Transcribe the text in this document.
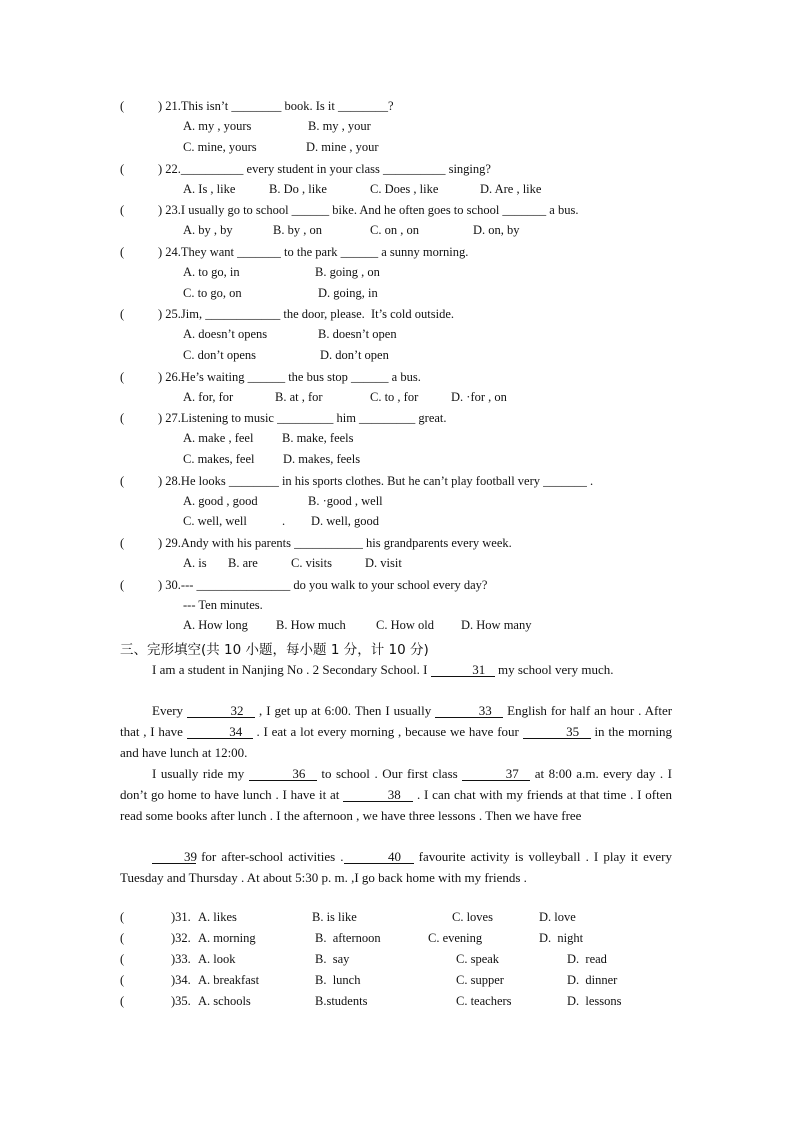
(	) 21.This isn’t ________ book. Is it ________?
A. my , yours	B. my , your
C. mine, yours	D. mine , your
(	) 22.__________ every student in your class __________ singing?
A. Is , like	B. Do , like	C. Does , like	D. Are , like
(	) 23.I usually go to school ______ bike. And he often goes to school _______ a bus.
A. by , by	B. by , on	C. on , on	D. on, by
(	) 24.They want _______ to the park ______ a sunny morning.
A. to go, in	B. going , on
C. to go, on	D. going, in
(	) 25.Jim, ____________ the door, please.  It’s cold outside.
A. doesn’t opens	B. doesn’t open
C. don’t opens	D. don’t open
(	) 26.He’s waiting ______ the bus stop ______ a bus.
A. for, for	B. at , for	C. to , for	D. ·for , on
(	) 27.Listening to music _________ him _________ great.
A. make , feel B. make, feels
C. makes, feel D. makes, feels
(	) 28.He looks ________ in his sports clothes. But he can’t play football very _______ .
A. good , good	B. ·good , well
C. well, well	. D. well, good
(	) 29.Andy with his parents ___________ his grandparents every week.
A. is B. are	C. visits	D. visit
(	) 30.--- _______________ do you walk to your school every day?
--- Ten minutes.
A. How long B. How much C. How old D. How many
三、完形填空(共 10 小题，每小题 1 分，计 10 分)
I am a student in Nanjing No . 2 Secondary School. I	31 my school very much.
Every	32 , I get up at 6:00. Then I usually	33 English for half an hour . After that , I have	34 . I eat a lot every morning , because we have four	35 in the morning and have lunch at 12:00.
I usually ride my	36 to school . Our first class	37 at 8:00 a.m. every day . I don’t go home to have lunch . I have it at	38 . I can chat with my friends at that time . I often read some books after lunch . I the afternoon , we have three lessons . Then we have free
39 for after-school activities .	40 favourite activity is volleyball . I play it every Tuesday and Thursday . At about 5:30 p. m. ,I go back home with my friends .
(	)31. A. likes	B. is like	C. loves	D. love
(	)32. A. morning	B.  afternoon	C. evening	D.  night
(	)33. A. look	B.  say	C. speak	D.  read
(	)34. A. breakfast	B.  lunch	C. supper	D.  dinner
(	)35. A. schools	B.students	C. teachers	D.  lessons
